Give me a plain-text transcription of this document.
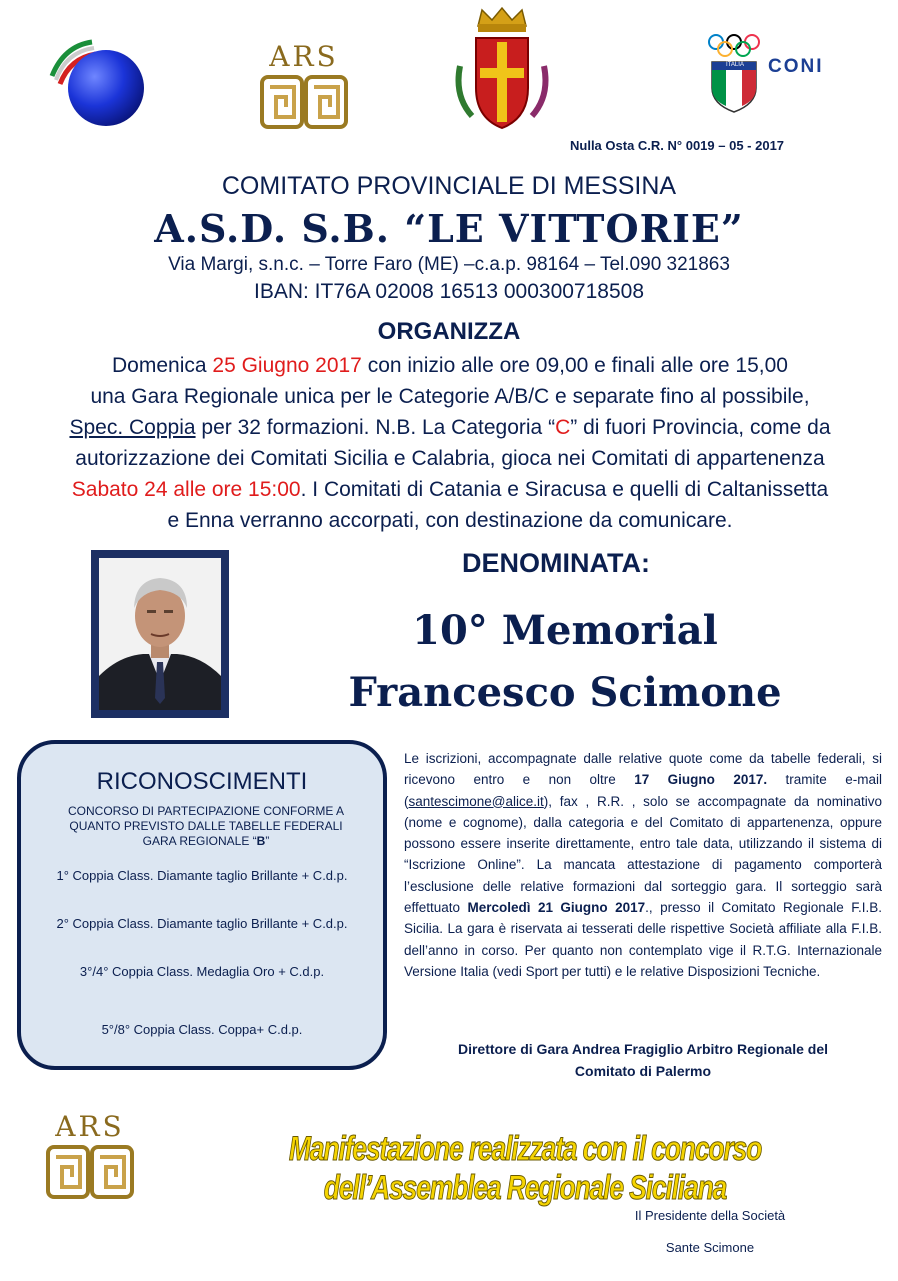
ARS	CONI
ITALIA
Nulla Osta C.R. N° 0019 – 05 - 2017
COMITATO PROVINCIALE DI MESSINA
A.S.D. S.B. “LE VITTORIE”
Via Margi, s.n.c. – Torre Faro (ME) –c.a.p. 98164 – Tel.090 321863
IBAN: IT76A 02008 16513 000300718508
ORGANIZZA
Domenica 25 Giugno 2017 con inizio alle ore 09,00 e finali alle ore 15,00
una Gara Regionale unica per le Categorie A/B/C e separate fino al possibile,
Spec. Coppia per 32 formazioni. N.B. La Categoria “C” di fuori Provincia, come da
autorizzazione dei Comitati Sicilia e Calabria, gioca nei Comitati di appartenenza
Sabato 24 alle ore 15:00. I Comitati di Catania e Siracusa e quelli di Caltanissetta
e Enna verranno accorpati, con destinazione da comunicare.
DENOMINATA:
10° Memorial
Francesco Scimone
RICONOSCIMENTI
CONCORSO DI PARTECIPAZIONE CONFORME A
QUANTO PREVISTO DALLE TABELLE FEDERALI
GARA REGIONALE “B”
1° Coppia Class. Diamante taglio Brillante + C.d.p.
2° Coppia Class. Diamante taglio Brillante + C.d.p.
3°/4° Coppia Class. Medaglia Oro + C.d.p.
5°/8° Coppia Class. Coppa+ C.d.p.
Le iscrizioni, accompagnate dalle relative quote come da tabelle federali, si ricevono entro e non oltre 17 Giugno 2017. tramite e-mail (santescimone@alice.it), fax , R.R. , solo se accompagnate da nominativo (nome e cognome), dalla categoria e del Comitato di appartenenza, oppure possono essere inserite direttamente, entro tale data, utilizzando il sistema di “Iscrizione Online”. La mancata attestazione di pagamento comporterà l’esclusione delle relative formazioni dal sorteggio gara. Il sorteggio sarà effettuato Mercoledì 21 Giugno 2017., presso il Comitato Regionale F.I.B. Sicilia. La gara è riservata ai tesserati delle rispettive Società affiliate alla F.I.B. dell’anno in corso. Per quanto non contemplato vige il R.T.G. Internazionale Versione Italia (vedi Sport per tutti) e le relative Disposizioni Tecniche.
Direttore di Gara Andrea Fragiglio Arbitro Regionale del
Comitato di Palermo
ARS
Manifestazione realizzata con il concorso dell’Assemblea Regionale Siciliana
Il Presidente della Società
Sante Scimone
